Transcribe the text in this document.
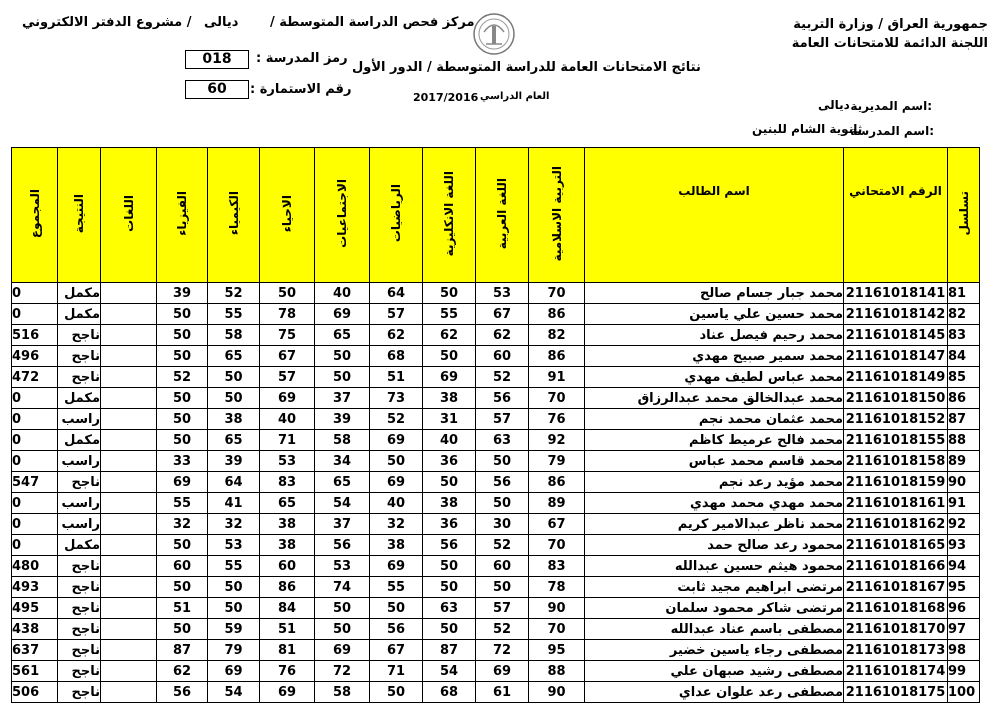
جمهورية العراق / وزارة التربية
اللجنة الدائمة للامتحانات العامة
مركز فحص الدراسة المتوسطة /
ديالى
/ مشروع الدفتر الالكتروني
نتائج الامتحانات العامة للدراسة المتوسطة / الدور الأول
العام الدراسي
2017/2016
018	رمز المدرسة :
60	رقم الاستمارة :
اسم المديرية:
ديالى
اسم المدرسة:
ثانوية الشام للبنين
المجموع	النتيجة	اللغات	الفيزياء	الكيمياء	الاحياء	الاجتماعيات	الرياضيات	اللغة الانكليزية	اللغة العربية	التربية الاسلامية	اسم الطالب	الرقم الامتحاني	تسلسل
0	مكمل		39	52	50	40	64	50	53	70	محمد جبار جسام صالح	21161018141	81
0	مكمل		50	55	78	69	57	55	67	86	محمد حسين علي ياسين	21161018142	82
516	ناجح		50	58	75	65	62	62	62	82	محمد رحيم فيصل عناد	21161018145	83
496	ناجح		50	65	67	50	68	50	60	86	محمد سمير صبيح مهدي	21161018147	84
472	ناجح		52	50	57	50	51	69	52	91	محمد عباس لطيف مهدي	21161018149	85
0	مكمل		50	50	69	37	73	38	56	70	محمد عبدالخالق محمد عبدالرزاق	21161018150	86
0	راسب		50	38	40	39	52	31	57	76	محمد عثمان محمد نجم	21161018152	87
0	مكمل		50	65	71	58	69	40	63	92	محمد فالح عرميط كاظم	21161018155	88
0	راسب		33	39	53	34	50	36	50	79	محمد قاسم محمد عباس	21161018158	89
547	ناجح		69	64	83	65	69	50	56	86	محمد مؤيد رعد نجم	21161018159	90
0	راسب		55	41	65	54	40	38	50	89	محمد مهدي محمد مهدي	21161018161	91
0	راسب		32	32	38	37	32	36	30	67	محمد ناظر عبدالامير كريم	21161018162	92
0	مكمل		50	53	38	56	38	56	52	70	محمود رعد صالح حمد	21161018165	93
480	ناجح		60	55	60	53	69	50	60	83	محمود هيثم حسين عبدالله	21161018166	94
493	ناجح		50	50	86	74	55	50	50	78	مرتضى ابراهيم مجيد ثابت	21161018167	95
495	ناجح		51	50	84	50	50	63	57	90	مرتضى شاكر محمود سلمان	21161018168	96
438	ناجح		50	59	51	50	56	50	52	70	مصطفى باسم عناد عبدالله	21161018170	97
637	ناجح		87	79	81	69	67	87	72	95	مصطفى رجاء ياسين خضير	21161018173	98
561	ناجح		62	69	76	72	71	54	69	88	مصطفى رشيد صبهان علي	21161018174	99
506	ناجح		56	54	69	58	50	68	61	90	مصطفى رعد علوان عداي	21161018175	100
